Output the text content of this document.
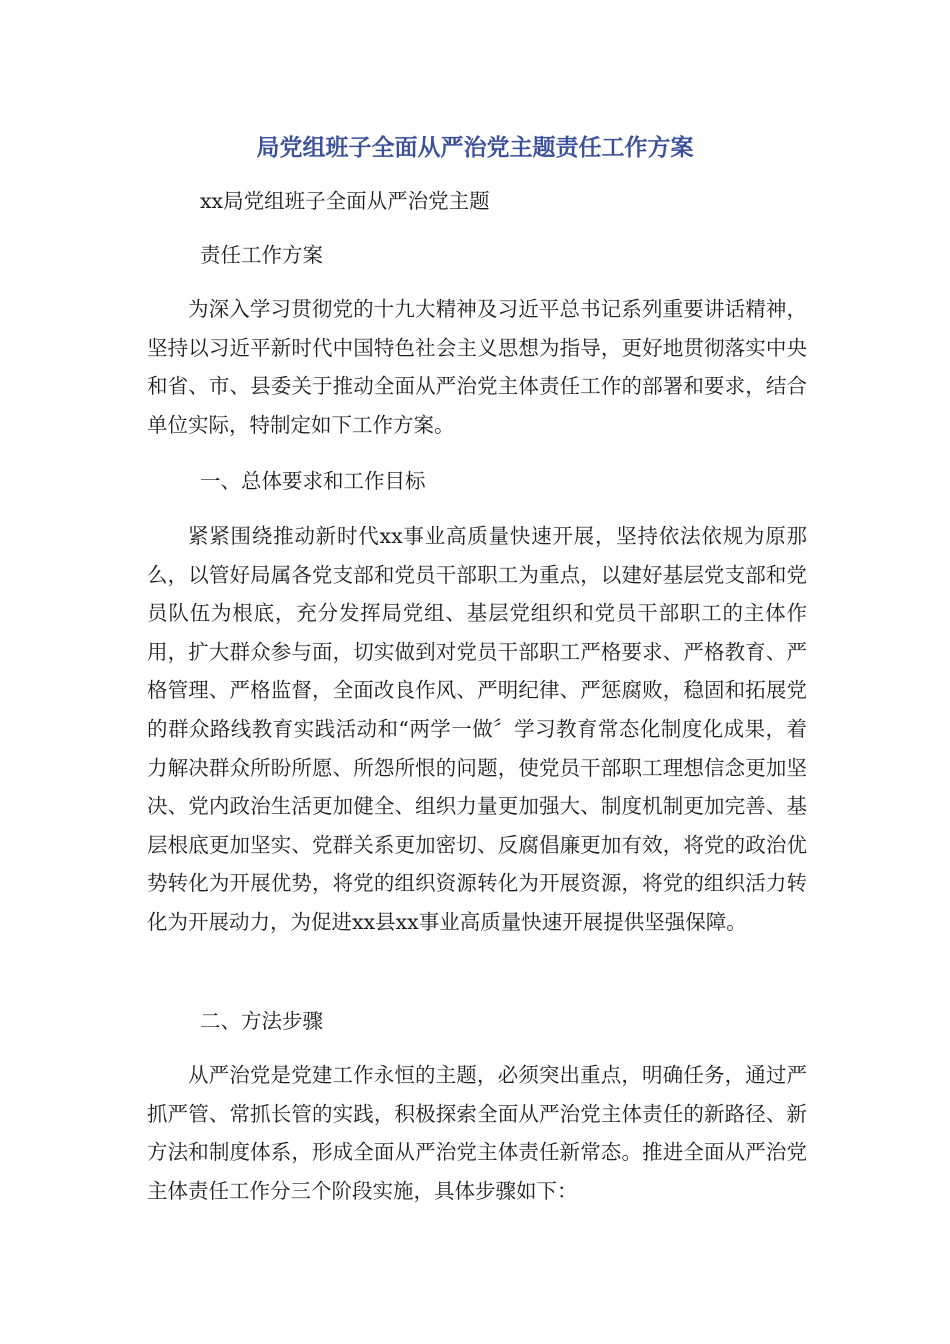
局党组班子全面从严治党主题责任工作方案

xx局党组班子全面从严治党主题

责任工作方案

为深入学习贯彻党的十九大精神及习近平总书记系列重要讲话精神，坚持以习近平新时代中国特色社会主义思想为指导，更好地贯彻落实中央和省、市、县委关于推动全面从严治党主体责任工作的部署和要求，结合单位实际，特制定如下工作方案。

一、总体要求和工作目标

紧紧围绕推动新时代xx事业高质量快速开展，坚持依法依规为原那么，以管好局属各党支部和党员干部职工为重点，以建好基层党支部和党员队伍为根底，充分发挥局党组、基层党组织和党员干部职工的主体作用，扩大群众参与面，切实做到对党员干部职工严格要求、严格教育、严格管理、严格监督，全面改良作风、严明纪律、严惩腐败，稳固和拓展党的群众路线教育实践活动和“两学一做〞学习教育常态化制度化成果，着力解决群众所盼所愿、所怨所恨的问题，使党员干部职工理想信念更加坚决、党内政治生活更加健全、组织力量更加强大、制度机制更加完善、基层根底更加坚实、党群关系更加密切、反腐倡廉更加有效，将党的政治优势转化为开展优势，将党的组织资源转化为开展资源，将党的组织活力转化为开展动力，为促进xx县xx事业高质量快速开展提供坚强保障。

二、方法步骤

从严治党是党建工作永恒的主题，必须突出重点，明确任务，通过严抓严管、常抓长管的实践，积极探索全面从严治党主体责任的新路径、新方法和制度体系，形成全面从严治党主体责任新常态。推进全面从严治党主体责任工作分三个阶段实施，具体步骤如下：
